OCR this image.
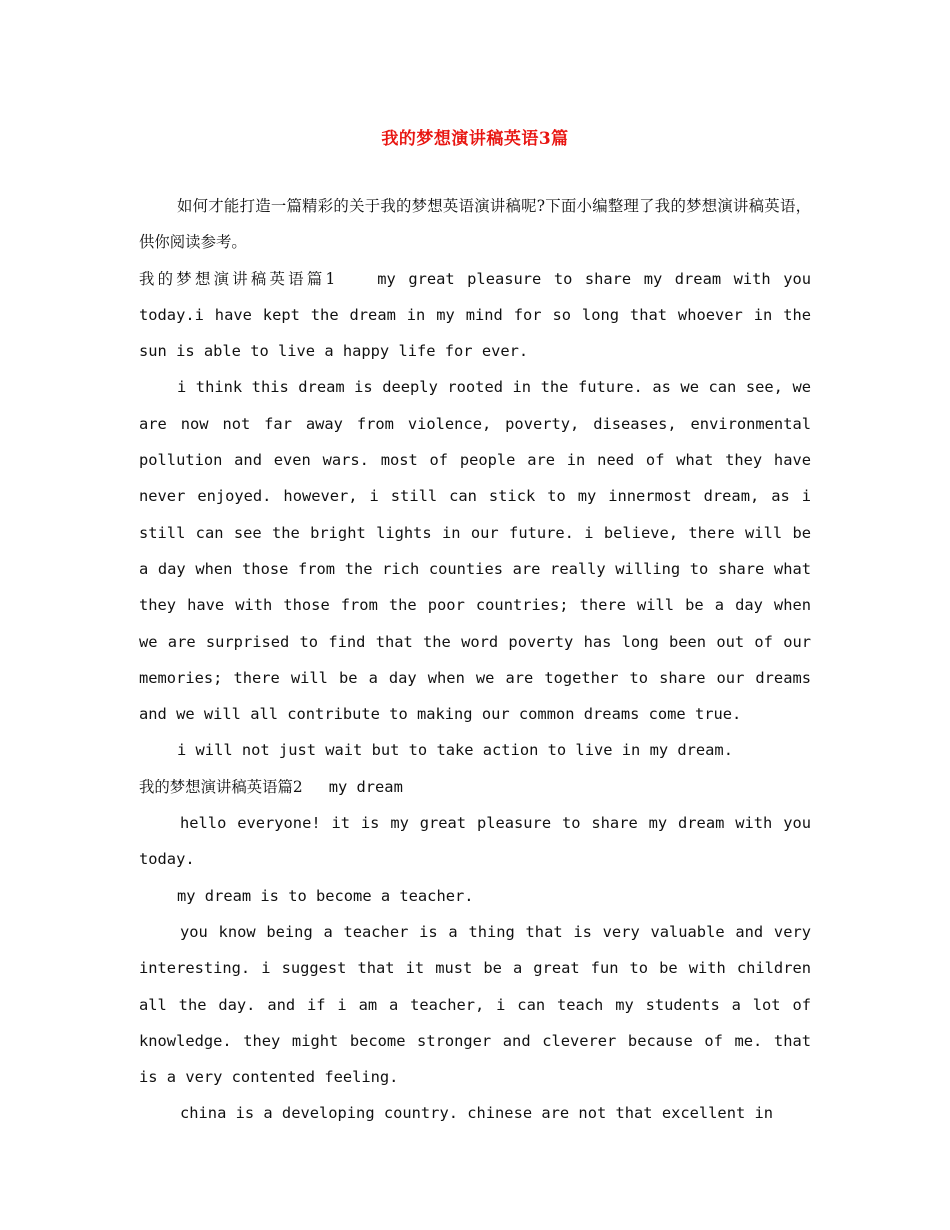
我的梦想演讲稿英语3篇

如何才能打造一篇精彩的关于我的梦想英语演讲稿呢?下面小编整理了我的梦想演讲稿英语，供你阅读参考。

我的梦想演讲稿英语篇1	my great pleasure to share my dream with you today.i have kept the dream in my mind for so long that whoever in the sun is able to live a happy life for ever.

i think this dream is deeply rooted in the future. as we can see, we are now not far away from violence, poverty, diseases, environmental pollution and even wars. most of people are in need of what they have never enjoyed. however, i still can stick to my innermost dream, as i still can see the bright lights in our future. i believe, there will be a day when those from the rich counties are really willing to share what they have with those from the poor countries; there will be a day when we are surprised to find that the word poverty has long been out of our memories; there will be a day when we are together to share our dreams and we will all contribute to making our common dreams come true.

i will not just wait but to take action to live in my dream.

我的梦想演讲稿英语篇2 my dream

hello everyone! it is my great pleasure to share my dream with you today.

my dream is to become a teacher.

you know being a teacher is a thing that is very valuable and very interesting. i suggest that it must be a great fun to be with children all the day. and if i am a teacher, i can teach my students a lot of knowledge. they might become stronger and cleverer because of me. that is a very contented feeling.

china is a developing country. chinese are not that excellent in
